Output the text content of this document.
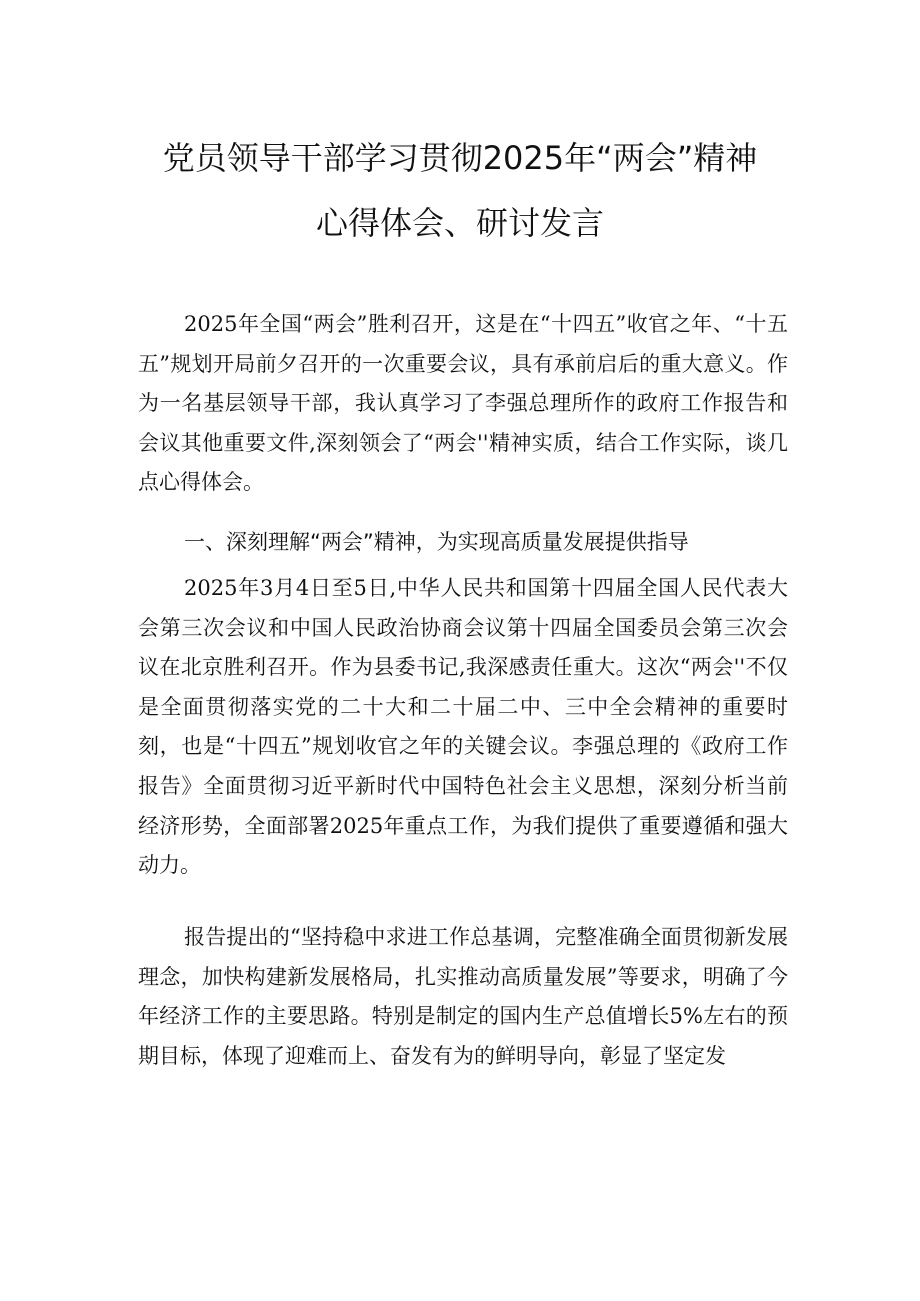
党员领导干部学习贯彻2025年“两会”精神
心得体会、研讨发言

2025年全国“两会”胜利召开，这是在“十四五”收官之年、“十五五”规划开局前夕召开的一次重要会议，具有承前启后的重大意义。作为一名基层领导干部，我认真学习了李强总理所作的政府工作报告和会议其他重要文件,深刻领会了“两会''精神实质，结合工作实际，谈几点心得体会。

一、深刻理解“两会”精神，为实现高质量发展提供指导

2025年3月4日至5日,中华人民共和国第十四届全国人民代表大会第三次会议和中国人民政治协商会议第十四届全国委员会第三次会议在北京胜利召开。作为县委书记,我深感责任重大。这次“两会''不仅是全面贯彻落实党的二十大和二十届二中、三中全会精神的重要时刻，也是“十四五”规划收官之年的关键会议。李强总理的《政府工作报告》全面贯彻习近平新时代中国特色社会主义思想，深刻分析当前经济形势，全面部署2025年重点工作，为我们提供了重要遵循和强大动力。

报告提出的“坚持稳中求进工作总基调，完整准确全面贯彻新发展理念，加快构建新发展格局，扎实推动高质量发展”等要求，明确了今年经济工作的主要思路。特别是制定的国内生产总值增长5%左右的预期目标，体现了迎难而上、奋发有为的鲜明导向，彰显了坚定发
